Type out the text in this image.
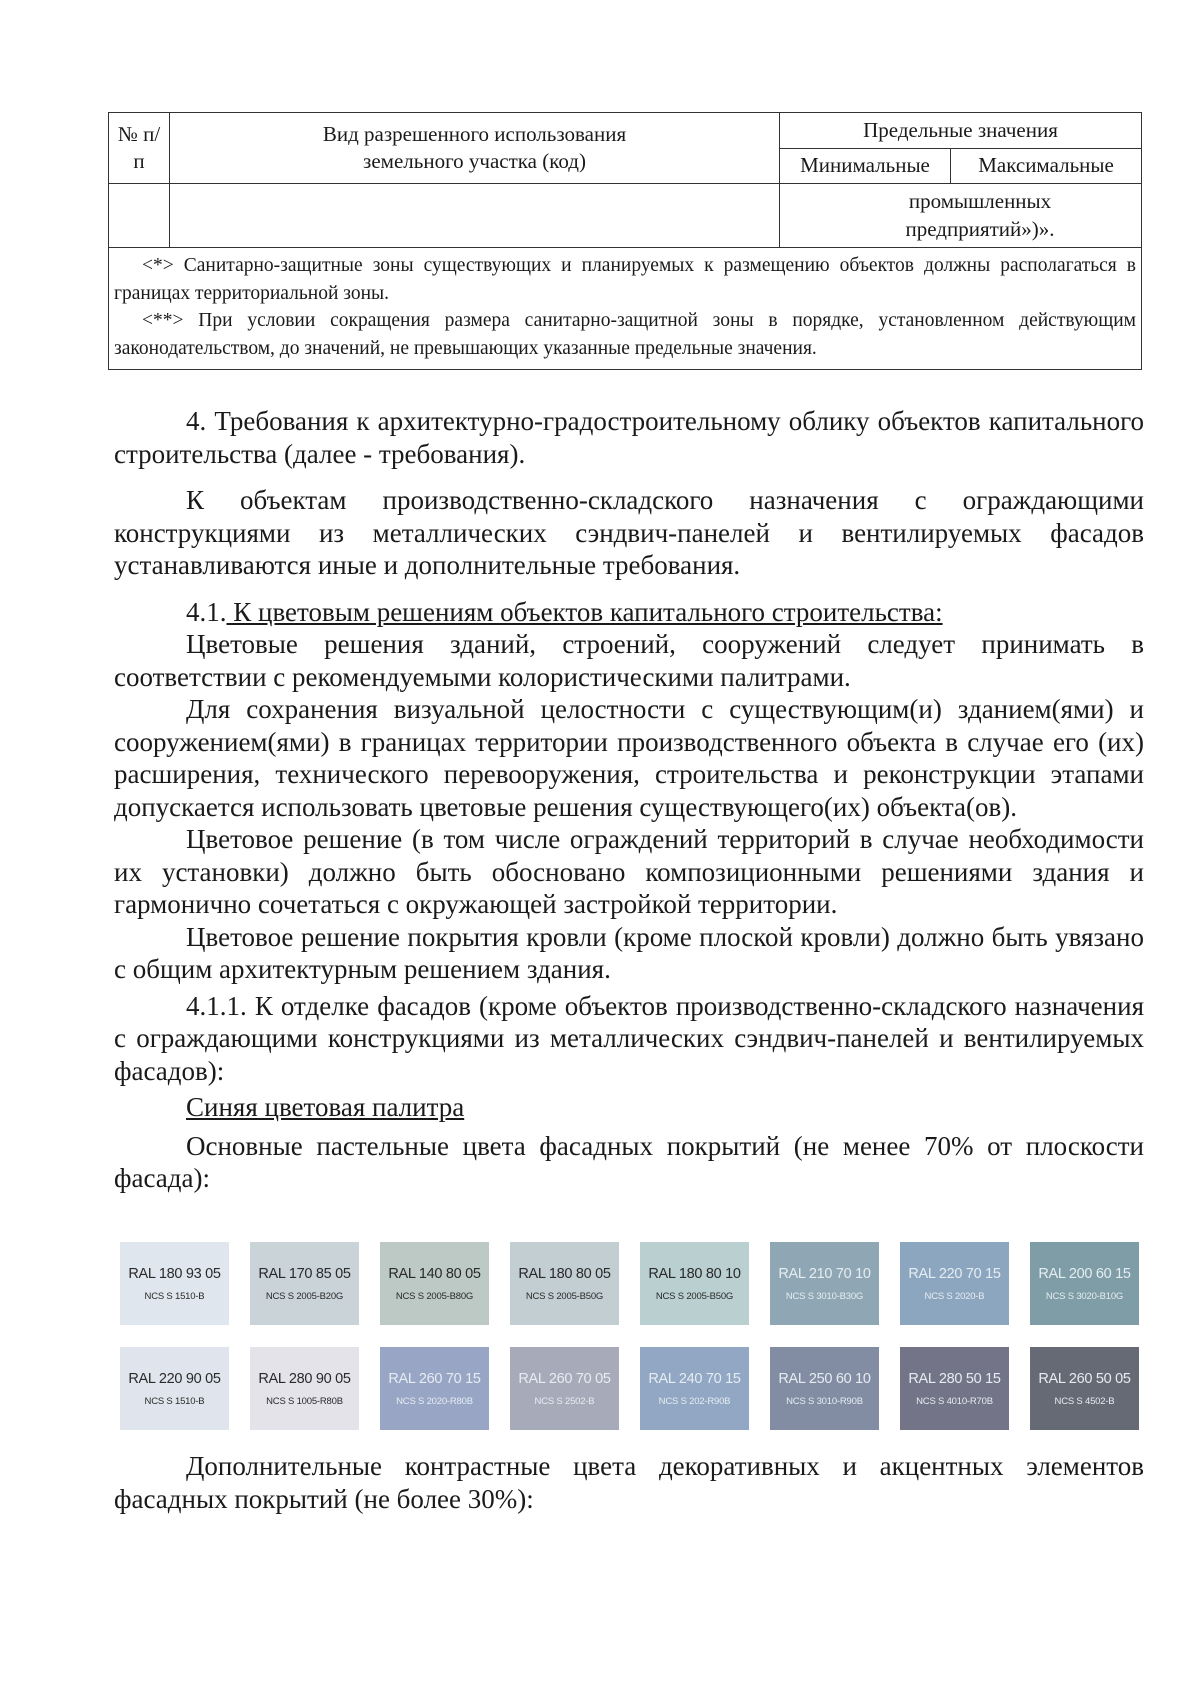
№ п/п	Вид разрешенного использования земельного участка (код)	Предельные значения	
		Минимальные	Максимальные

		промышленных предприятий»)».	

<*> Санитарно-защитные зоны существующих и планируемых к размещению объектов должны располагаться в границах территориальной зоны.

<**> При условии сокращения размера санитарно-защитной зоны в порядке, установленном действующим законодательством, до значений, не превышающих указанные предельные значения.			

4. Требования к архитектурно-градостроительному облику объектов капитального строительства (далее - требования).

К объектам производственно-складского назначения с ограждающими конструкциями из металлических сэндвич-панелей и вентилируемых фасадов устанавливаются иные и дополнительные требования.

4.1. К цветовым решениям объектов капитального строительства:

Цветовые решения зданий, строений, сооружений следует принимать в соответствии с рекомендуемыми колористическими палитрами.

Для сохранения визуальной целостности с существующим(и) зданием(ями) и сооружением(ями) в границах территории производственного объекта в случае его (их) расширения, технического перевооружения, строительства и реконструкции этапами допускается использовать цветовые решения существующего(их) объекта(ов).

Цветовое решение (в том числе ограждений территорий в случае необходимости их установки) должно быть обосновано композиционными решениями здания и гармонично сочетаться с окружающей застройкой территории.

Цветовое решение покрытия кровли (кроме плоской кровли) должно быть увязано с общим архитектурным решением здания.

4.1.1. К отделке фасадов (кроме объектов производственно-складского назначения с ограждающими конструкциями из металлических сэндвич-панелей и вентилируемых фасадов):

Синяя цветовая палитра

Основные пастельные цвета фасадных покрытий (не менее 70% от плоскости фасада):

RAL 180 93 05
NCS S 1510-B
RAL 170 85 05
NCS S 2005-B20G
RAL 140 80 05
NCS S 2005-B80G
RAL 180 80 05
NCS S 2005-B50G
RAL 180 80 10
NCS S 2005-B50G
RAL 210 70 10
NCS S 3010-B30G
RAL 220 70 15
NCS S 2020-B
RAL 200 60 15
NCS S 3020-B10G
RAL 220 90 05
NCS S 1510-B
RAL 280 90 05
NCS S 1005-R80B
RAL 260 70 15
NCS S 2020-R80B
RAL 260 70 05
NCS S 2502-B
RAL 240 70 15
NCS S 202-R90B
RAL 250 60 10
NCS S 3010-R90B
RAL 280 50 15
NCS S 4010-R70B
RAL 260 50 05
NCS S 4502-B

Дополнительные контрастные цвета декоративных и акцентных элементов фасадных покрытий (не более 30%):
